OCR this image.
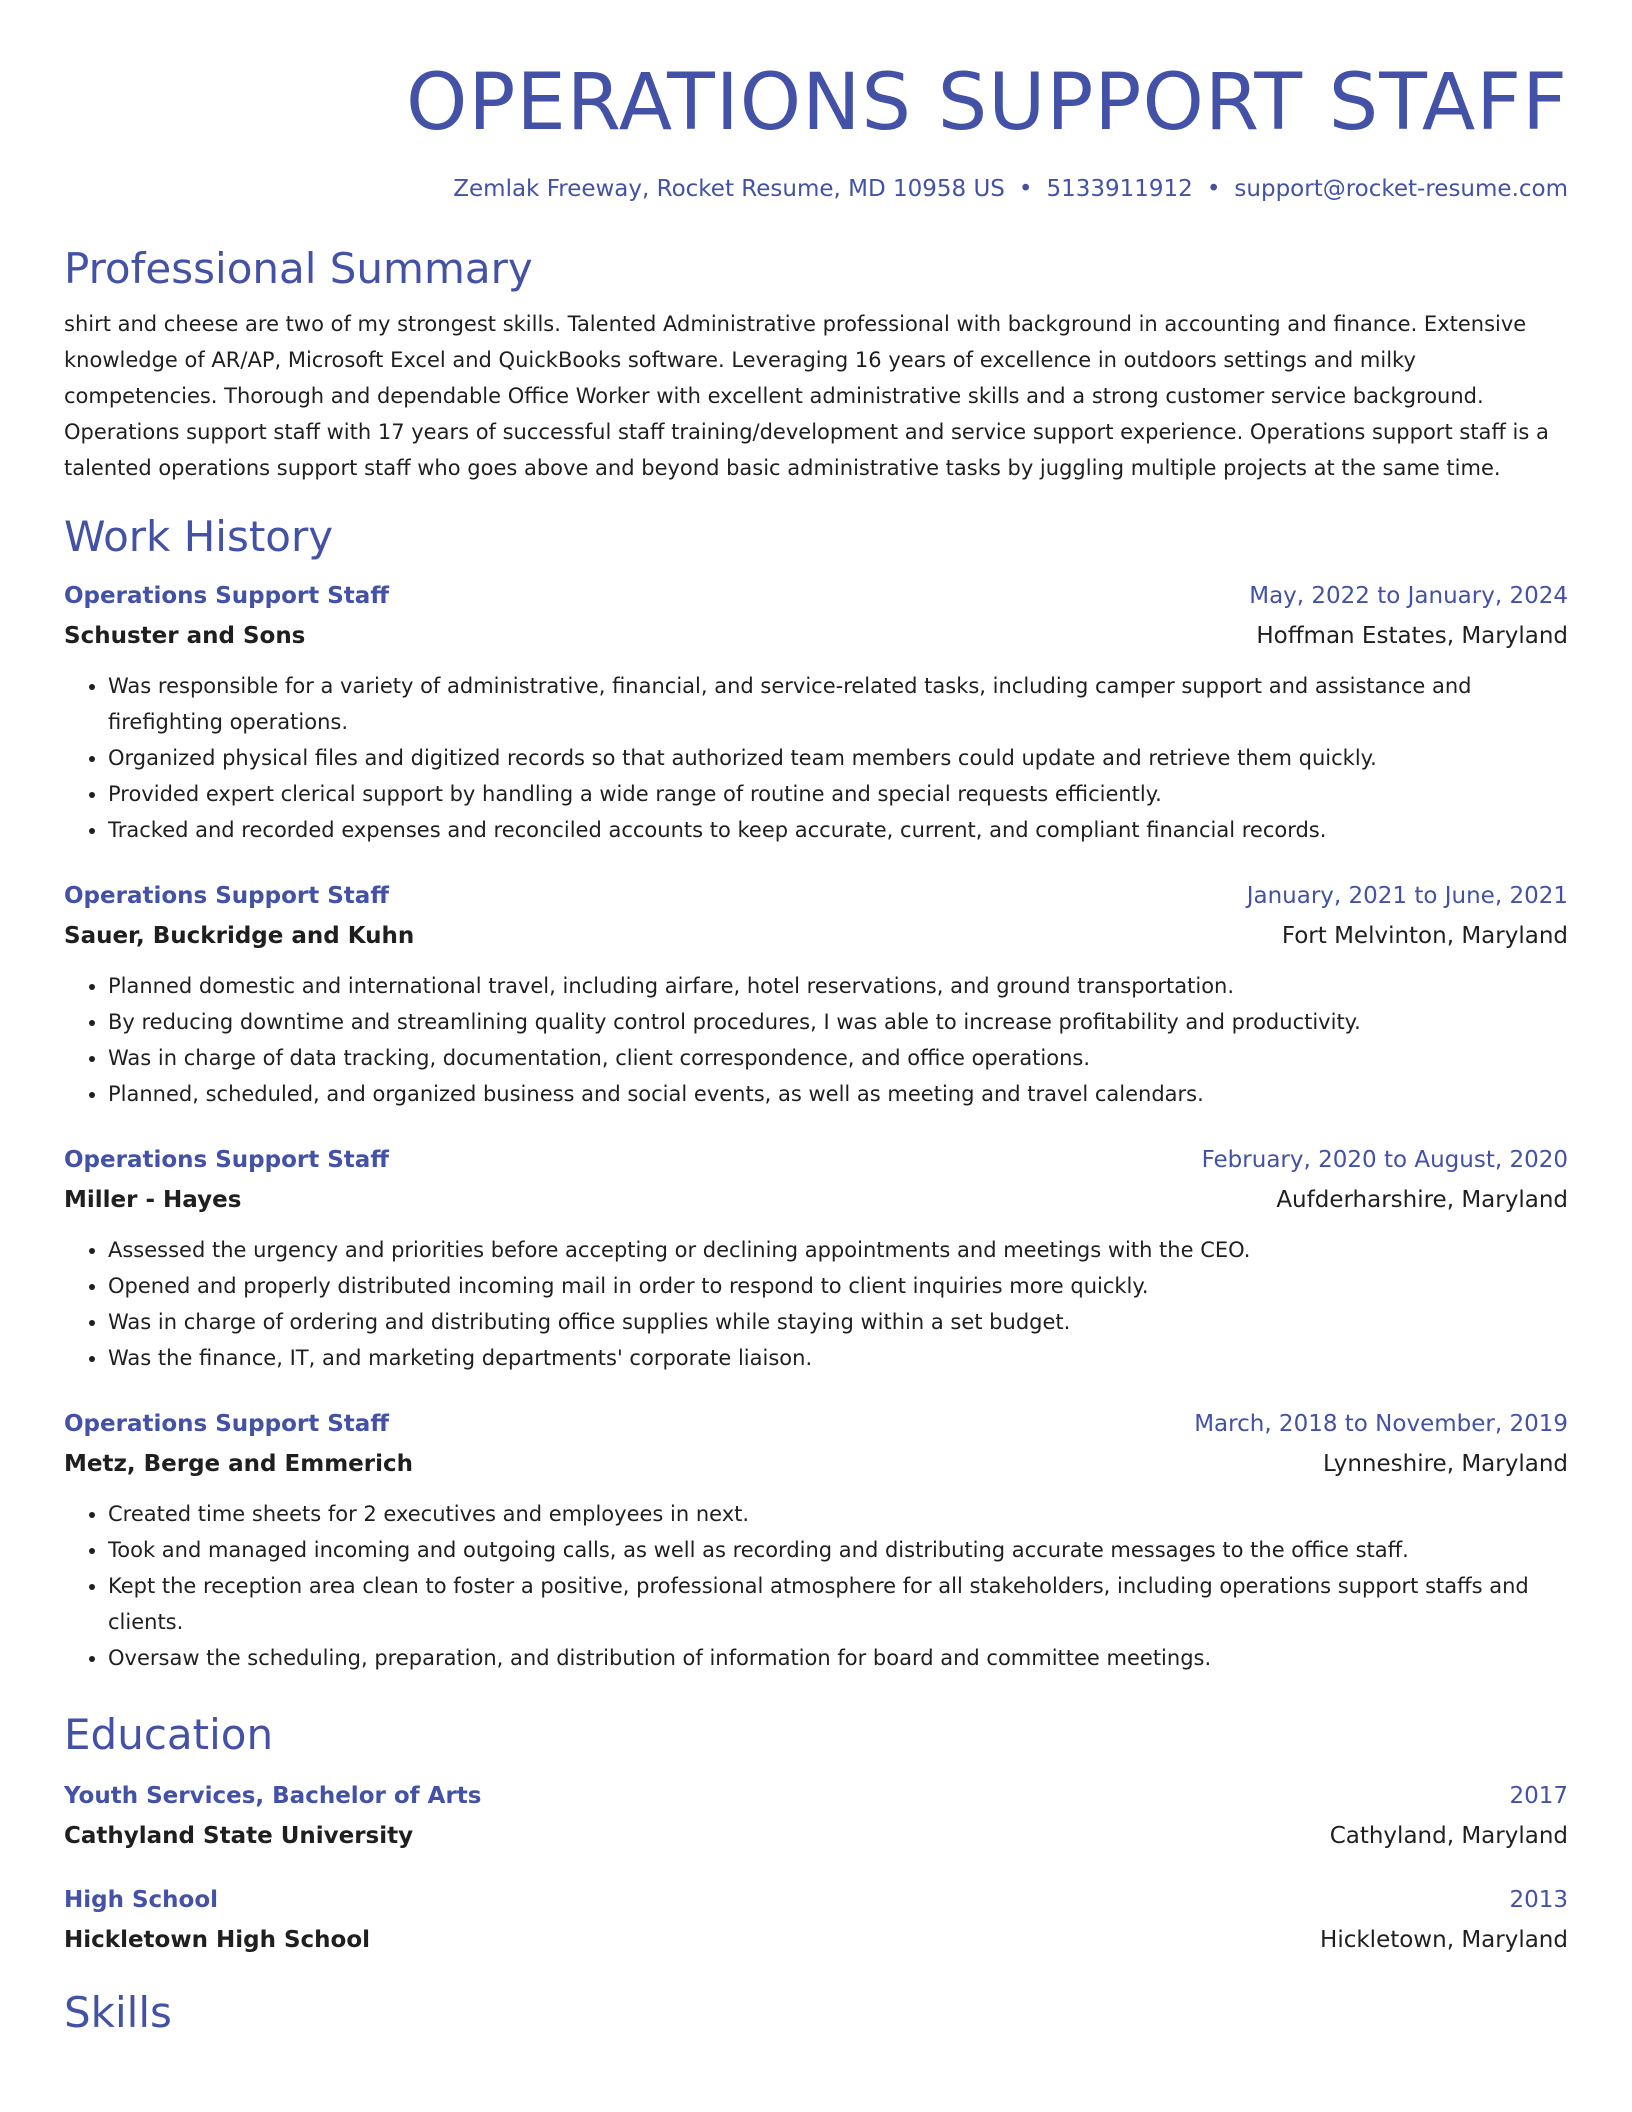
OPERATIONS SUPPORT STAFF
Zemlak Freeway, Rocket Resume, MD 10958 US • 5133911912 • support@rocket-resume.com
Professional Summary
shirt and cheese are two of my strongest skills. Talented Administrative professional with background in accounting and finance. Extensive knowledge of AR/AP, Microsoft Excel and QuickBooks software. Leveraging 16 years of excellence in outdoors settings and milky competencies. Thorough and dependable Office Worker with excellent administrative skills and a strong customer service background. Operations support staff with 17 years of successful staff training/development and service support experience. Operations support staff is a talented operations support staff who goes above and beyond basic administrative tasks by juggling multiple projects at the same time.
Work History
Operations Support Staff	May, 2022 to January, 2024
Schuster and Sons	Hoffman Estates, Maryland
• Was responsible for a variety of administrative, financial, and service-related tasks, including camper support and assistance and firefighting operations.
• Organized physical files and digitized records so that authorized team members could update and retrieve them quickly.
• Provided expert clerical support by handling a wide range of routine and special requests efficiently.
• Tracked and recorded expenses and reconciled accounts to keep accurate, current, and compliant financial records.
Operations Support Staff	January, 2021 to June, 2021
Sauer, Buckridge and Kuhn	Fort Melvinton, Maryland
• Planned domestic and international travel, including airfare, hotel reservations, and ground transportation.
• By reducing downtime and streamlining quality control procedures, I was able to increase profitability and productivity.
• Was in charge of data tracking, documentation, client correspondence, and office operations.
• Planned, scheduled, and organized business and social events, as well as meeting and travel calendars.
Operations Support Staff	February, 2020 to August, 2020
Miller - Hayes	Aufderharshire, Maryland
• Assessed the urgency and priorities before accepting or declining appointments and meetings with the CEO.
• Opened and properly distributed incoming mail in order to respond to client inquiries more quickly.
• Was in charge of ordering and distributing office supplies while staying within a set budget.
• Was the finance, IT, and marketing departments' corporate liaison.
Operations Support Staff	March, 2018 to November, 2019
Metz, Berge and Emmerich	Lynneshire, Maryland
• Created time sheets for 2 executives and employees in next.
• Took and managed incoming and outgoing calls, as well as recording and distributing accurate messages to the office staff.
• Kept the reception area clean to foster a positive, professional atmosphere for all stakeholders, including operations support staffs and clients.
• Oversaw the scheduling, preparation, and distribution of information for board and committee meetings.
Education
Youth Services, Bachelor of Arts	2017
Cathyland State University	Cathyland, Maryland
High School	2013
Hickletown High School	Hickletown, Maryland
Skills
